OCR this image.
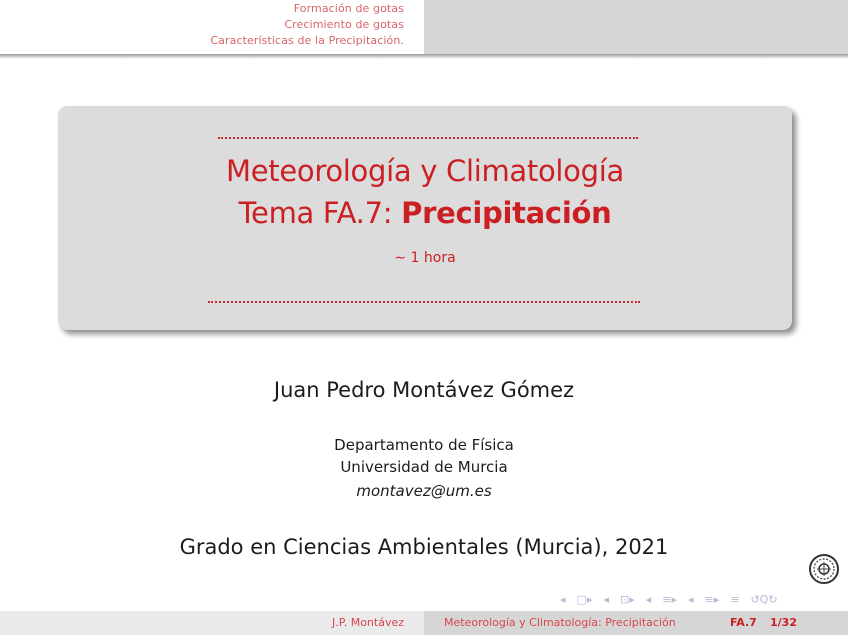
Formación de gotas
Crecimiento de gotas
Características de la Precipitación.
Meteorología y Climatología
Tema FA.7: Precipitación
∼ 1 hora
Juan Pedro Montávez Gómez
Departamento de Física
Universidad de Murcia
montavez@um.es
Grado en Ciencias Ambientales (Murcia), 2021
◂ □▸ ◂ ⊡▸ ◂ ≡▸ ◂ ≡▸ ≡ ↺Q↻
J.P. Montávez	Meteorología y Climatología: Precipitación	FA.7 1/32
